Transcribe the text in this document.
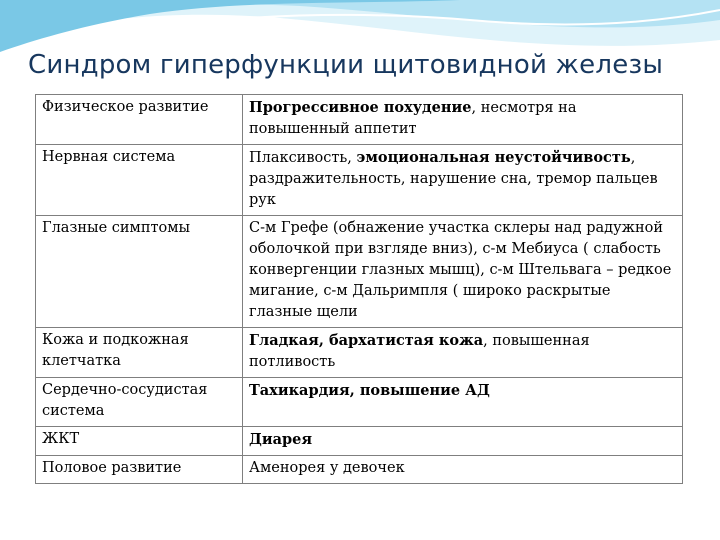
Синдром гиперфункции щитовидной железы
Физическое развитие	Прогрессивное похудение, несмотря на повышенный аппетит
Нервная система	Плаксивость, эмоциональная неустойчивость, раздражительность, нарушение сна, тремор пальцев рук
Глазные симптомы	С-м Грефе (обнажение участка склеры над радужной оболочкой при взгляде вниз), с-м Мебиуса ( слабость конвергенции глазных мышц), с-м Штельвага – редкое мигание, с-м Дальримпля ( широко раскрытые глазные щели
Кожа и подкожная клетчатка	Гладкая, бархатистая кожа, повышенная потливость
Сердечно-сосудистая система	Тахикардия, повышение АД
ЖКТ	Диарея
Половое развитие	Аменорея у девочек
